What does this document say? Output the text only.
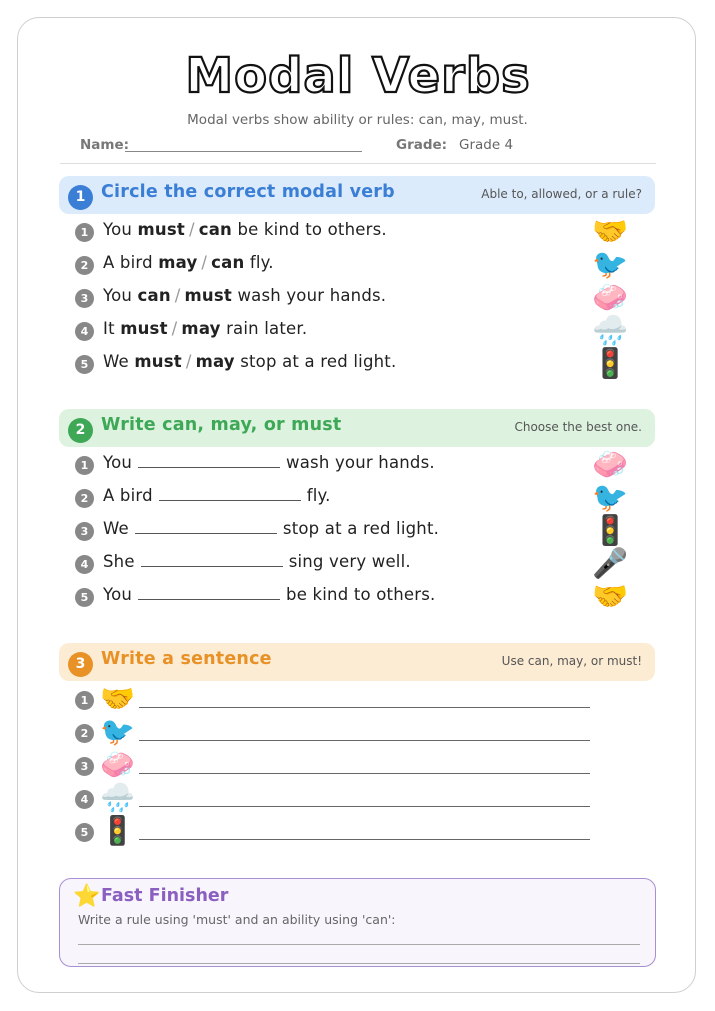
Modal Verbs
Modal verbs show ability or rules: can, may, must.
Name:	Grade: Grade 4
1 Circle the correct modal verb	Able to, allowed, or a rule?
1 You must / can be kind to others.	🤝
2 A bird may / can fly.	🐦
3 You can / must wash your hands.	🧼
4 It must / may rain later.	🌧️
5 We must / may stop at a red light.	🚦
2 Write can, may, or must	Choose the best one.
1 You	wash your hands.	🧼
2 A bird	fly.	🐦
3 We	stop at a red light.	🚦
4 She	sing very well.	🎤
5 You	be kind to others.	🤝
3 Write a sentence	Use can, may, or must!
1 🤝
2 🐦
3 🧼
4 🌧️
5 🚦
⭐ Fast Finisher
Write a rule using 'must' and an ability using 'can':
